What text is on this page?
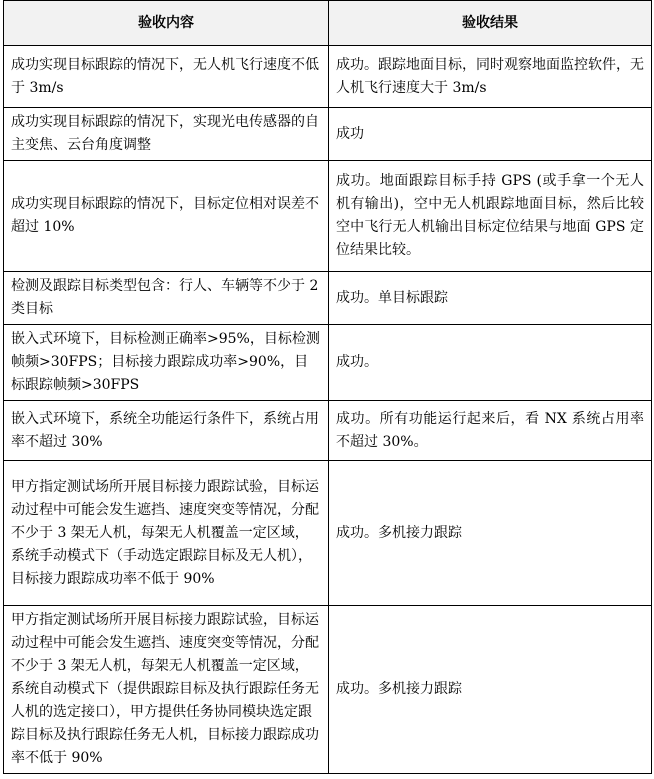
验收内容	验收结果
成功实现目标跟踪的情况下，无人机飞行速度不低于 3m/s	成功。跟踪地面目标，同时观察地面监控软件，无人机飞行速度大于 3m/s
成功实现目标跟踪的情况下，实现光电传感器的自主变焦、云台角度调整	成功
成功实现目标跟踪的情况下，目标定位相对误差不超过 10%	成功。地面跟踪目标手持 GPS (或手拿一个无人机有输出)，空中无人机跟踪地面目标，然后比较空中飞行无人机输出目标定位结果与地面 GPS 定位结果比较。
检测及跟踪目标类型包含：行人、车辆等不少于 2 类目标	成功。单目标跟踪
嵌入式环境下，目标检测正确率>95%，目标检测帧频>30FPS；目标接力跟踪成功率>90%，目标跟踪帧频>30FPS	成功。
嵌入式环境下，系统全功能运行条件下，系统占用率不超过 30%	成功。所有功能运行起来后，看 NX 系统占用率不超过 30%。
甲方指定测试场所开展目标接力跟踪试验，目标运动过程中可能会发生遮挡、速度突变等情况，分配不少于 3 架无人机，每架无人机覆盖一定区域，系统手动模式下（手动选定跟踪目标及无人机），目标接力跟踪成功率不低于 90%	成功。多机接力跟踪
甲方指定测试场所开展目标接力跟踪试验，目标运动过程中可能会发生遮挡、速度突变等情况，分配不少于 3 架无人机，每架无人机覆盖一定区域，系统自动模式下（提供跟踪目标及执行跟踪任务无人机的选定接口），甲方提供任务协同模块选定跟踪目标及执行跟踪任务无人机，目标接力跟踪成功率不低于 90%	成功。多机接力跟踪
